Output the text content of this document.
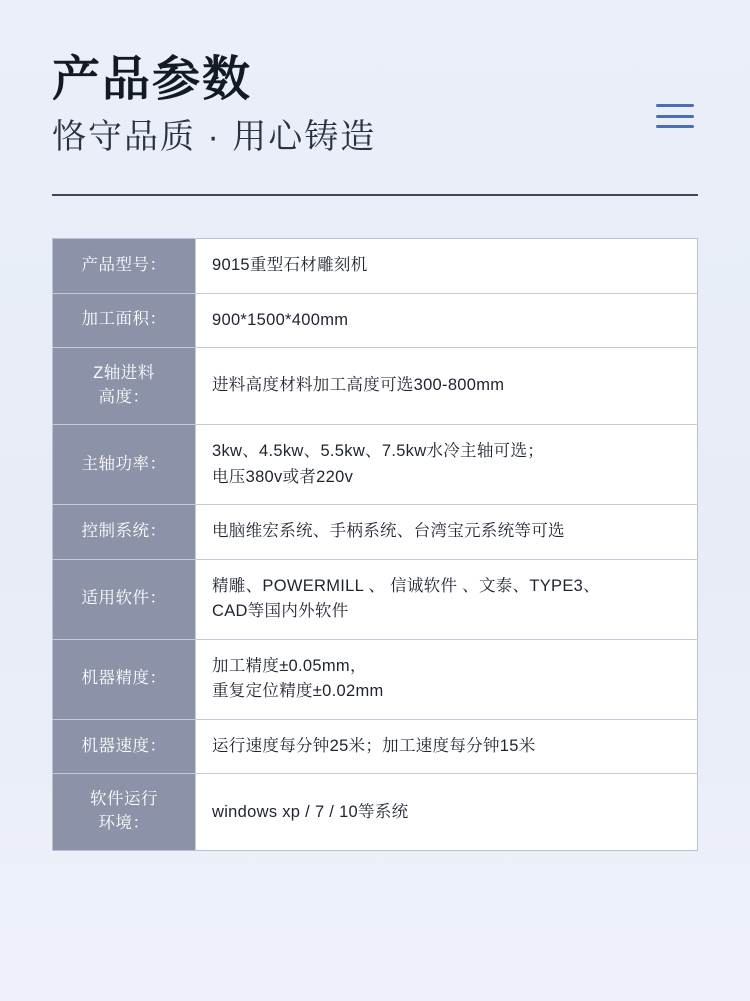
产品参数

恪守品质 · 用心铸造

产品型号：	9015重型石材雕刻机

加工面积：	900*1500*400mm

Z轴进料
高度：	进料高度材料加工高度可选300-800mm

主轴功率：	3kw、4.5kw、5.5kw、7.5kw水冷主轴可选；
电压380v或者220v

控制系统：	电脑维宏系统、手柄系统、台湾宝元系统等可选

适用软件：	精雕、POWERMILL 、 信诚软件 、文泰、TYPE3、
CAD等国内外软件

机器精度：	加工精度±0.05mm，
重复定位精度±0.02mm

机器速度：	运行速度每分钟25米；加工速度每分钟15米

软件运行
环境：	windows xp / 7 / 10等系统
